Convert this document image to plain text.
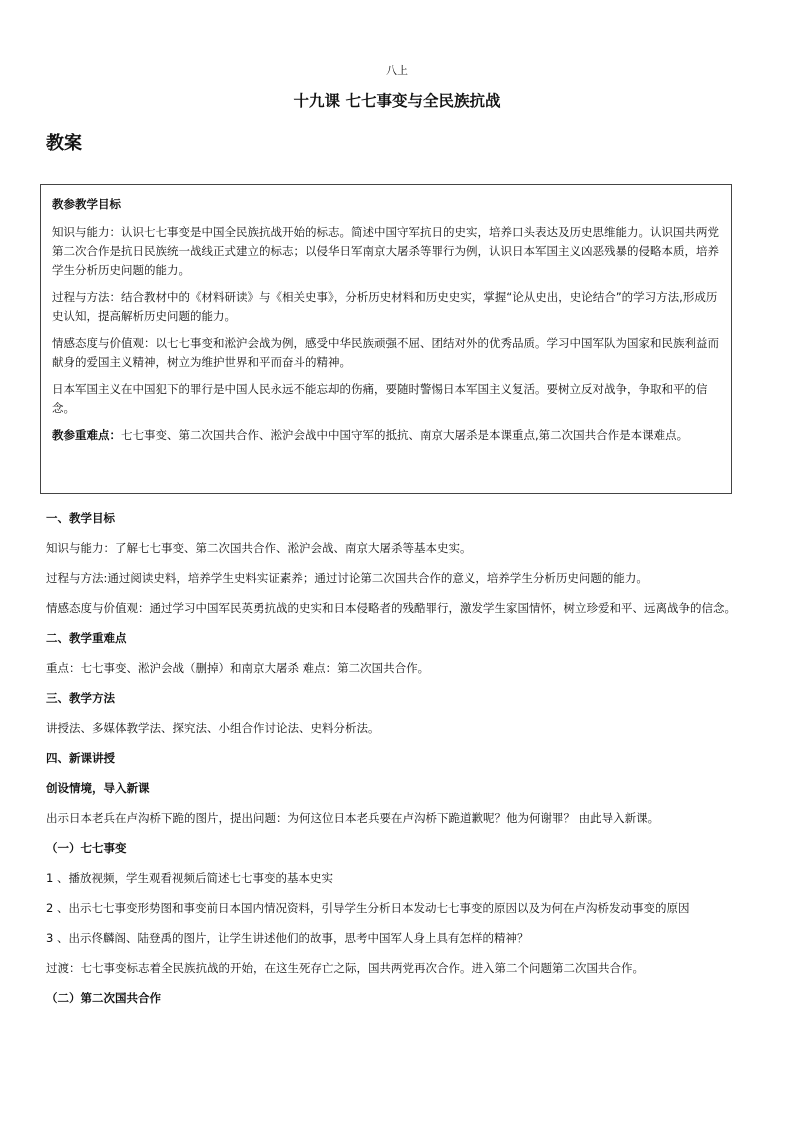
八上
十九课 七七事变与全民族抗战
教案

教参教学目标

知识与能力：认识七七事变是中国全民族抗战开始的标志。简述中国守军抗日的史实，培养口头表达及历史思维能力。认识国共两党第二次合作是抗日民族统一战线正式建立的标志；以侵华日军南京大屠杀等罪行为例，认识日本军国主义凶恶残暴的侵略本质，培养学生分析历史问题的能力。

过程与方法：结合教材中的《材料研读》与《相关史事》，分析历史材料和历史史实，掌握“论从史出，史论结合”的学习方法,形成历史认知，提高解析历史问题的能力。

情感态度与价值观：以七七事变和淞沪会战为例，感受中华民族顽强不屈、团结对外的优秀品质。学习中国军队为国家和民族利益而献身的爱国主义精神，树立为维护世界和平而奋斗的精神。

日本军国主义在中国犯下的罪行是中国人民永远不能忘却的伤痛，要随时警惕日本军国主义复活。要树立反对战争，争取和平的信念。

教参重难点：七七事变、第二次国共合作、淞沪会战中中国守军的抵抗、南京大屠杀是本课重点,第二次国共合作是本课难点。

一、教学目标

知识与能力：了解七七事变、第二次国共合作、淞沪会战、南京大屠杀等基本史实。

过程与方法:通过阅读史料，培养学生史料实证素养；通过讨论第二次国共合作的意义，培养学生分析历史问题的能力。

情感态度与价值观：通过学习中国军民英勇抗战的史实和日本侵略者的残酷罪行，激发学生家国情怀，树立珍爱和平、远离战争的信念。

二、教学重难点

重点：七七事变、淞沪会战（删掉）和南京大屠杀 难点：第二次国共合作。

三、教学方法

讲授法、多媒体教学法、探究法、小组合作讨论法、史料分析法。

四、新课讲授

创设情境，导入新课

出示日本老兵在卢沟桥下跪的图片，提出问题：为何这位日本老兵要在卢沟桥下跪道歉呢？他为何谢罪？ 由此导入新课。

（一）七七事变

1 、播放视频，学生观看视频后简述七七事变的基本史实

2 、出示七七事变形势图和事变前日本国内情况资料，引导学生分析日本发动七七事变的原因以及为何在卢沟桥发动事变的原因

3 、出示佟麟阁、陆登禹的图片，让学生讲述他们的故事，思考中国军人身上具有怎样的精神？

过渡：七七事变标志着全民族抗战的开始，在这生死存亡之际，国共两党再次合作。进入第二个问题第二次国共合作。

（二）第二次国共合作
